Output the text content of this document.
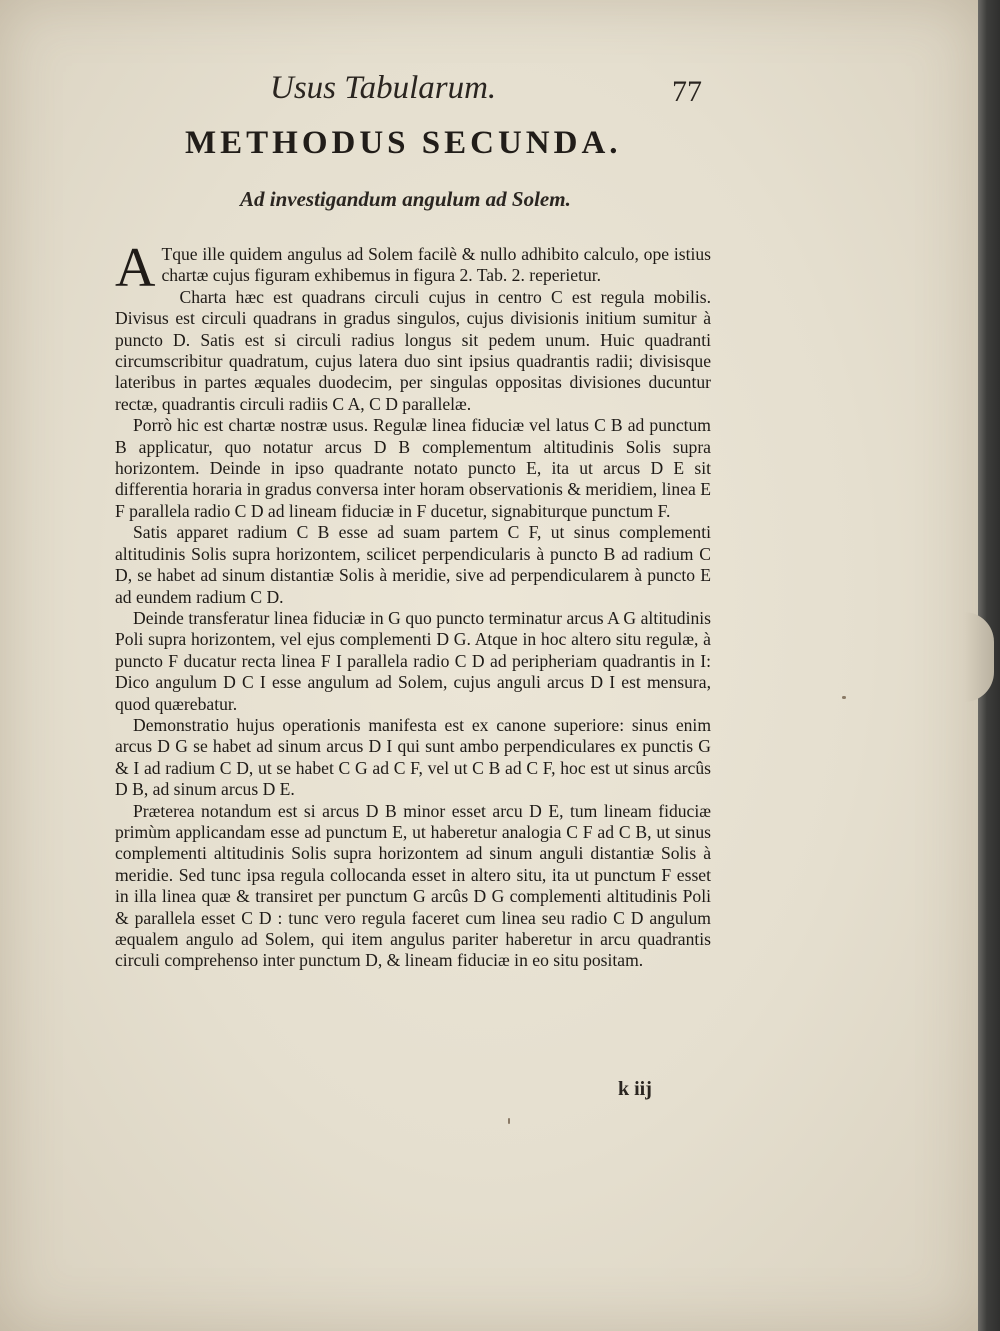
Usus Tabularum.	77
METHODUS SECUNDA.
Ad investigandum angulum ad Solem.

A Tque ille quidem angulus ad Solem facilè & nullo adhibito calculo, ope istius chartæ cujus figuram exhibemus in figura 2. Tab. 2. reperietur.

Charta hæc est quadrans circuli cujus in centro C est regula mobilis. Divisus est circuli quadrans in gradus singulos, cujus divisionis initium sumitur à puncto D. Satis est si circuli radius longus sit pedem unum. Huic quadranti circumscribitur quadratum, cujus latera duo sint ipsius quadrantis radii; divisisque lateribus in partes æquales duodecim, per singulas oppositas divisiones ducuntur rectæ, quadrantis circuli radiis C A, C D parallelæ.

Porrò hic est chartæ nostræ usus. Regulæ linea fiduciæ vel latus C B ad punctum B applicatur, quo notatur arcus D B complementum altitudinis Solis supra horizontem. Deinde in ipso quadrante notato puncto E, ita ut arcus D E sit differentia horaria in gradus conversa inter horam observationis & meridiem, linea E F parallela radio C D ad lineam fiduciæ in F ducetur, signabiturque punctum F.

Satis apparet radium C B esse ad suam partem C F, ut sinus complementi altitudinis Solis supra horizontem, scilicet perpendicularis à puncto B ad radium C D, se habet ad sinum distantiæ Solis à meridie, sive ad perpendicularem à puncto E ad eundem radium C D.

Deinde transferatur linea fiduciæ in G quo puncto terminatur arcus A G altitudinis Poli supra horizontem, vel ejus complementi D G. Atque in hoc altero situ regulæ, à puncto F ducatur recta linea F I parallela radio C D ad peripheriam quadrantis in I: Dico angulum D C I esse angulum ad Solem, cujus anguli arcus D I est mensura, quod quærebatur.

Demonstratio hujus operationis manifesta est ex canone superiore: sinus enim arcus D G se habet ad sinum arcus D I qui sunt ambo perpendiculares ex punctis G & I ad radium C D, ut se habet C G ad C F, vel ut C B ad C F, hoc est ut sinus arcûs D B, ad sinum arcus D E.

Præterea notandum est si arcus D B minor esset arcu D E, tum lineam fiduciæ primùm applicandam esse ad punctum E, ut haberetur analogia C F ad C B, ut sinus complementi altitudinis Solis supra horizontem ad sinum anguli distantiæ Solis à meridie. Sed tunc ipsa regula collocanda esset in altero situ, ita ut punctum F esset in illa linea quæ & transiret per punctum G arcûs D G complementi altitudinis Poli & parallela esset C D : tunc vero regula faceret cum linea seu radio C D angulum æqualem angulo ad Solem, qui item angulus pariter haberetur in arcu quadrantis circuli comprehenso inter punctum D, & lineam fiduciæ in eo situ positam.

k iij
